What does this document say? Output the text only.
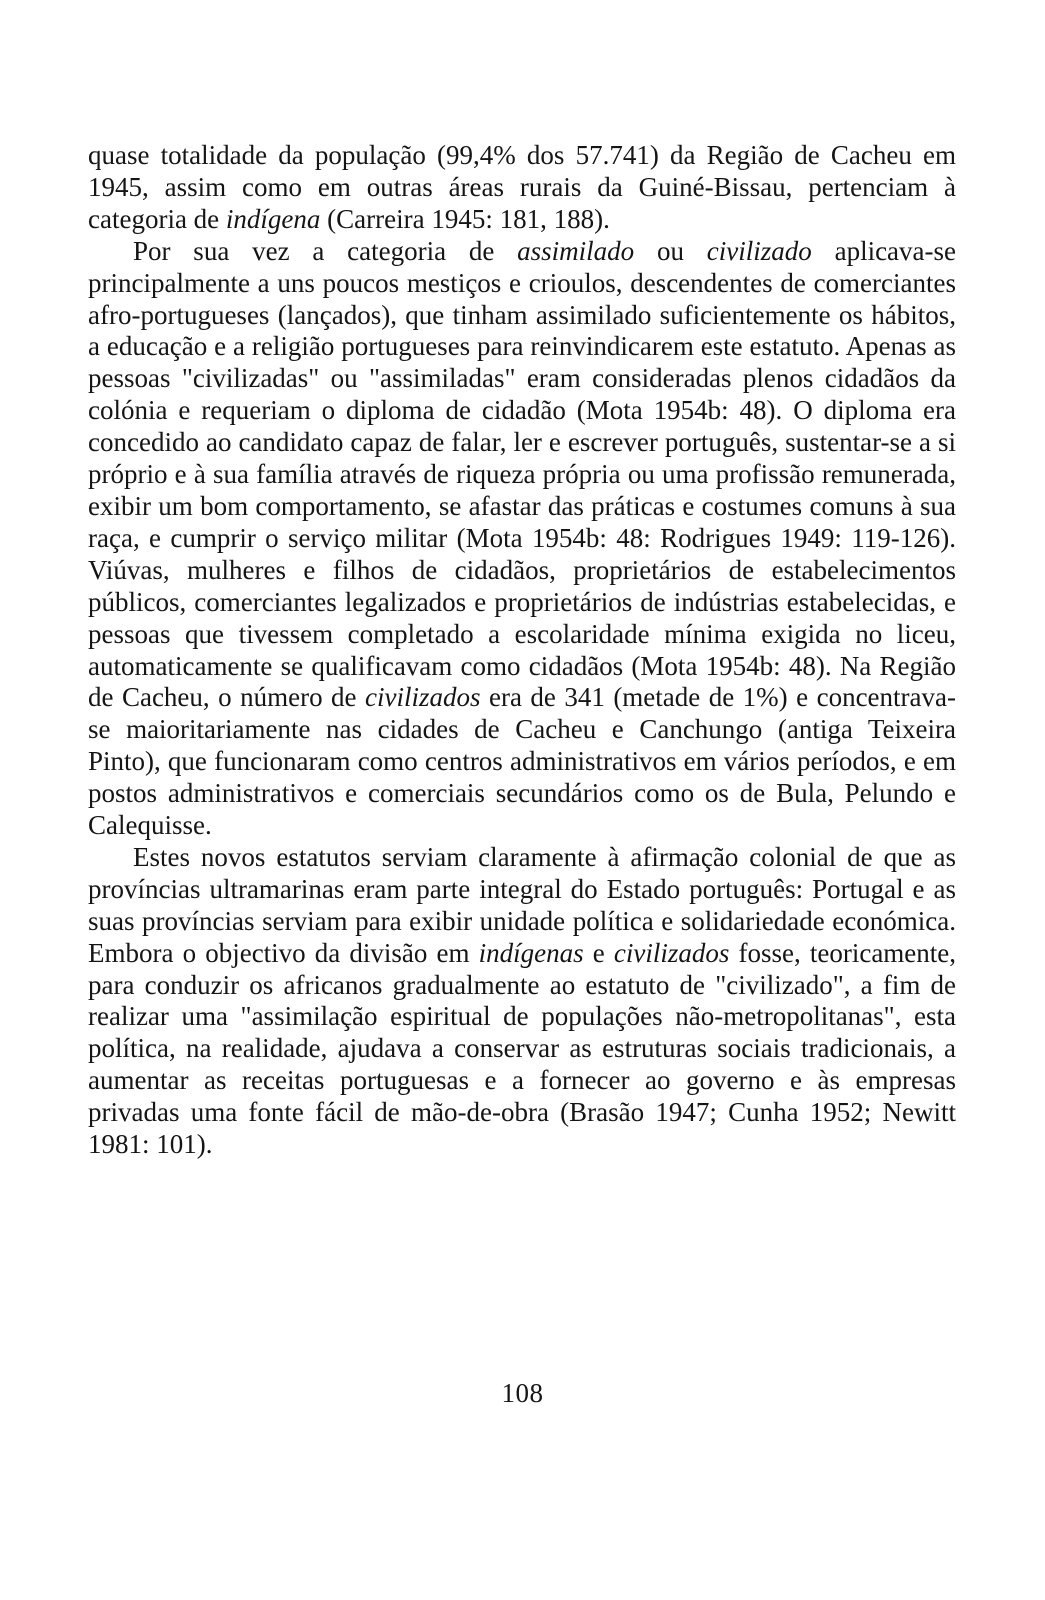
quase totalidade da população (99,4% dos 57.741) da Região de Cacheu em 1945, assim como em outras áreas rurais da Guiné-Bissau, pertenciam à categoria de indígena (Carreira 1945: 181, 188).

Por sua vez a categoria de assimilado ou civilizado aplicava-se principalmente a uns poucos mestiços e crioulos, descendentes de comerciantes afro-portugueses (lançados), que tinham assimilado suficientemente os hábitos, a educação e a religião portugueses para reinvindicarem este estatuto. Apenas as pessoas "civilizadas" ou "assimiladas" eram consideradas plenos cidadãos da colónia e requeriam o diploma de cidadão (Mota 1954b: 48). O diploma era concedido ao candidato capaz de falar, ler e escrever português, sustentar-se a si próprio e à sua família através de riqueza própria ou uma profissão remunerada, exibir um bom comportamento, se afastar das práticas e costumes comuns à sua raça, e cumprir o serviço militar (Mota 1954b: 48: Rodrigues 1949: 119-126). Viúvas, mulheres e filhos de cidadãos, proprietários de estabelecimentos públicos, comerciantes legalizados e proprietários de indústrias estabelecidas, e pessoas que tivessem completado a escolaridade mínima exigida no liceu, automaticamente se qualificavam como cidadãos (Mota 1954b: 48). Na Região de Cacheu, o número de civilizados era de 341 (metade de 1%) e concentrava-se maioritariamente nas cidades de Cacheu e Canchungo (antiga Teixeira Pinto), que funcionaram como centros administrativos em vários períodos, e em postos administrativos e comerciais secundários como os de Bula, Pelundo e Calequisse.

Estes novos estatutos serviam claramente à afirmação colonial de que as províncias ultramarinas eram parte integral do Estado português: Portugal e as suas províncias serviam para exibir unidade política e solidariedade económica. Embora o objectivo da divisão em indígenas e civilizados fosse, teoricamente, para conduzir os africanos gradualmente ao estatuto de "civilizado", a fim de realizar uma "assimilação espiritual de populações não-metropolitanas", esta política, na realidade, ajudava a conservar as estruturas sociais tradicionais, a aumentar as receitas portuguesas e a fornecer ao governo e às empresas privadas uma fonte fácil de mão-de-obra (Brasão 1947; Cunha 1952; Newitt 1981: 101).

108
